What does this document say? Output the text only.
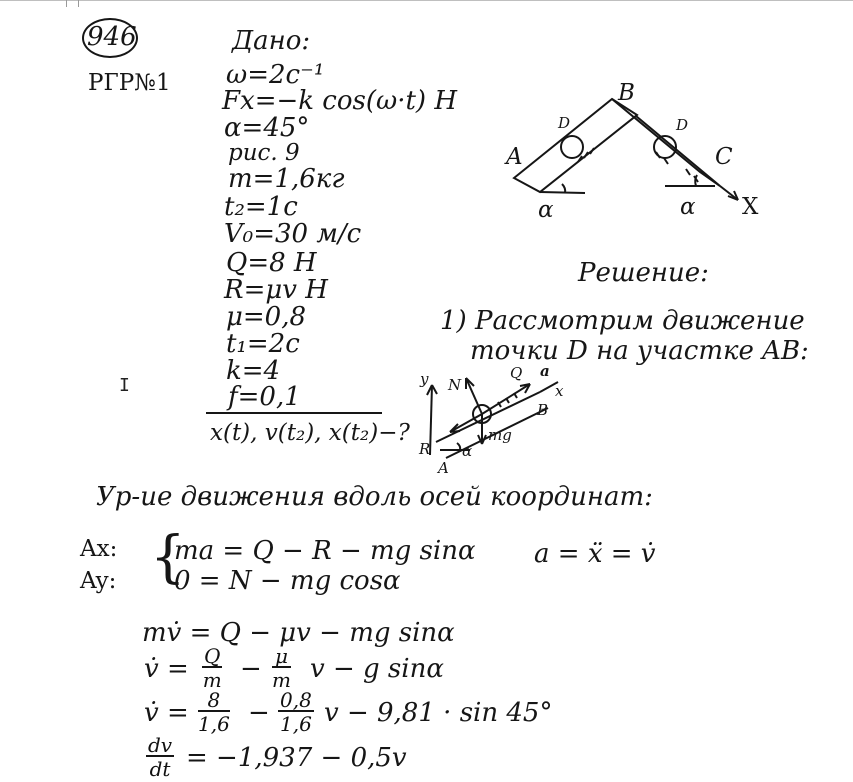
946
РГР№1
Дано:
ω=2с⁻¹
Fx=−k cos(ω·t) Н
α=45°
рис. 9
m=1,6кг
t₂=1с
V₀=30 м/с
Q=8 Н
R=μv Н
μ=0,8
t₁=2с
k=4
f=0,1
x(t), v(t₂), x(t₂)−?
I
A
B
C
D	D
X
α	α
Решение:
1) Рассмотрим движение
точки D на участке AB:
y N
Q a
x
B
R
A
mg
α
Ур-ие движения вдоль осей координат:
Ax:
Ay: {
ma = Q − R − mg sinα
0 = N − mg cosα
a = ẍ = v̇
mv̇ = Q − μv − mg sinα
v̇ = $\frac{Q}{m} - \frac{\mu}{m}$ v − g sinα
v̇ = $\frac{8}{1,6} - \frac{0,8}{1,6}$ v − 9,81 · sin 45°
$\frac{dv}{dt} = -1,937 - 0,5v$
